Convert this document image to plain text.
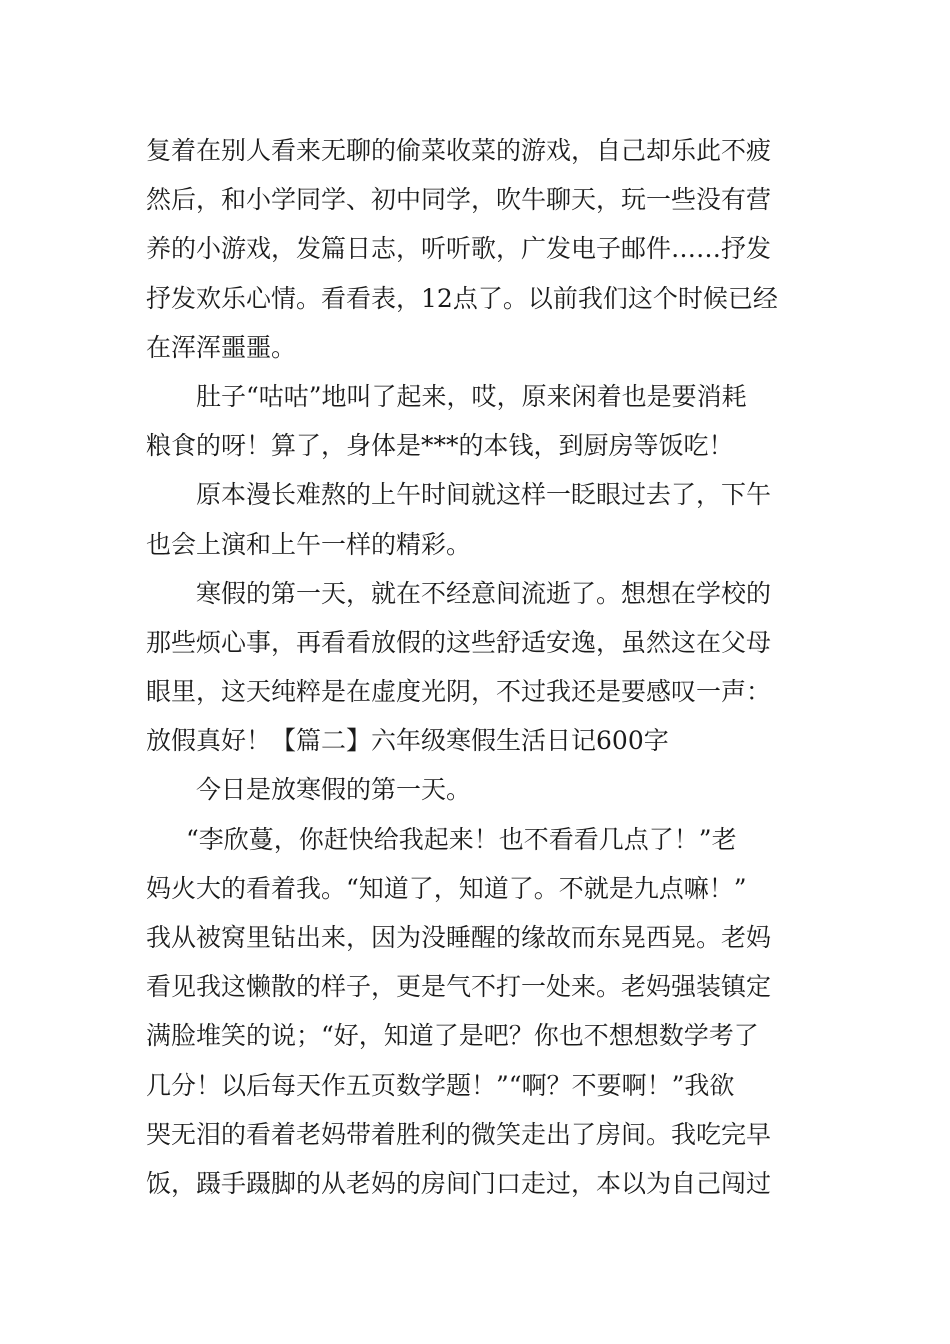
复着在别人看来无聊的偷菜收菜的游戏，自己却乐此不疲
然后，和小学同学、初中同学，吹牛聊天，玩一些没有营
养的小游戏，发篇日志，听听歌，广发电子邮件……抒发
抒发欢乐心情。看看表，12点了。以前我们这个时候已经
在浑浑噩噩。
肚子“咕咕”地叫了起来，哎，原来闲着也是要消耗
粮食的呀！算了，身体是***的本钱，到厨房等饭吃！
原本漫长难熬的上午时间就这样一眨眼过去了，下午
也会上演和上午一样的精彩。
寒假的第一天，就在不经意间流逝了。想想在学校的
那些烦心事，再看看放假的这些舒适安逸，虽然这在父母
眼里，这天纯粹是在虚度光阴，不过我还是要感叹一声：
放假真好！【篇二】六年级寒假生活日记600字
今日是放寒假的第一天。
“李欣蔓，你赶快给我起来！也不看看几点了！”老
妈火大的看着我。“知道了，知道了。不就是九点嘛！”
我从被窝里钻出来，因为没睡醒的缘故而东晃西晃。老妈
看见我这懒散的样子，更是气不打一处来。老妈强装镇定
满脸堆笑的说；“好，知道了是吧？你也不想想数学考了
几分！以后每天作五页数学题！”“啊？不要啊！”我欲
哭无泪的看着老妈带着胜利的微笑走出了房间。我吃完早
饭，蹑手蹑脚的从老妈的房间门口走过，本以为自己闯过
